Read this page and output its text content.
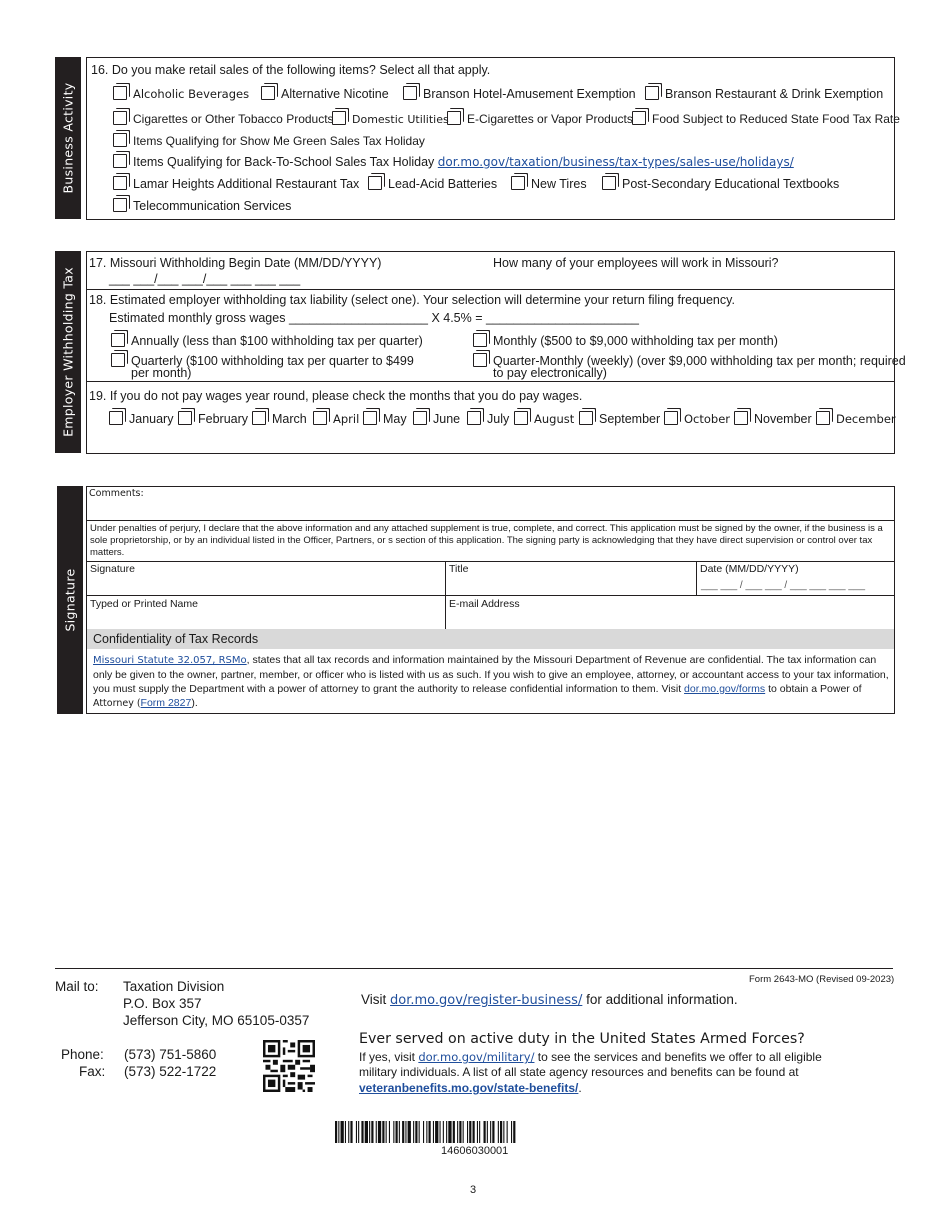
Business Activity
16. Do you make retail sales of the following items? Select all that apply.
Alcoholic Beverages	Alternative Nicotine	Branson Hotel-Amusement Exemption	Branson Restaurant & Drink Exemption
Cigarettes or Other Tobacco Products	Domestic Utilities	E-Cigarettes or Vapor Products	Food Subject to Reduced State Food Tax Rate
Items Qualifying for Show Me Green Sales Tax Holiday
Items Qualifying for Back-To-School Sales Tax Holiday dor.mo.gov/taxation/business/tax-types/sales-use/holidays/
Lamar Heights Additional Restaurant Tax	Lead-Acid Batteries	New Tires	Post-Secondary Educational Textbooks
Telecommunication Services
Employer Withholding Tax
17. Missouri Withholding Begin Date (MM/DD/YYYY)	How many of your employees will work in Missouri?
___ ___/___ ___/___ ___ ___ ___
18. Estimated employer withholding tax liability (select one). Your selection will determine your return filing frequency.
Estimated monthly gross wages ____________________ X 4.5% = ______________________
Annually (less than $100 withholding tax per quarter)	Monthly ($500 to $9,000 withholding tax per month)
Quarterly ($100 withholding tax per quarter to $499
per month)
Quarter-Monthly (weekly) (over $9,000 withholding tax per month; required
to pay electronically)
19. If you do not pay wages year round, please check the months that you do pay wages.
January	February	March	April	May	June	July	August	September	October	November	December
Signature
Comments:
Under penalties of perjury, I declare that the above information and any attached supplement is true, complete, and correct. This application must be signed by the owner, if the business is a sole proprietorship, or by an individual listed in the Officer, Partners, or s section of this application. The signing party is acknowledging that they have direct supervision or control over tax matters.
Signature	Title	Date (MM/DD/YYYY)
___ ___ / ___ ___ / ___ ___ ___ ___
Typed or Printed Name	E-mail Address
Confidentiality of Tax Records
Missouri Statute 32.057, RSMo, states that all tax records and information maintained by the Missouri Department of Revenue are confidential. The tax information can only be given to the owner, partner, member, or officer who is listed with us as such. If you wish to give an employee, attorney, or accountant access to your tax information, you must supply the Department with a power of attorney to grant the authority to release confidential information to them. Visit dor.mo.gov/forms to obtain a Power of Attorney (Form 2827).
Mail to: Taxation Division
P.O. Box 357
Jefferson City, MO 65105-0357
Phone: (573) 751-5860
Fax: (573) 522-1722
Form 2643-MO (Revised 09-2023)
Visit dor.mo.gov/register-business/ for additional information.
Ever served on active duty in the United States Armed Forces?
If yes, visit dor.mo.gov/military/ to see the services and benefits we offer to all eligible
military individuals. A list of all state agency resources and benefits can be found at
veteranbenefits.mo.gov/state-benefits/.
14606030001
3
